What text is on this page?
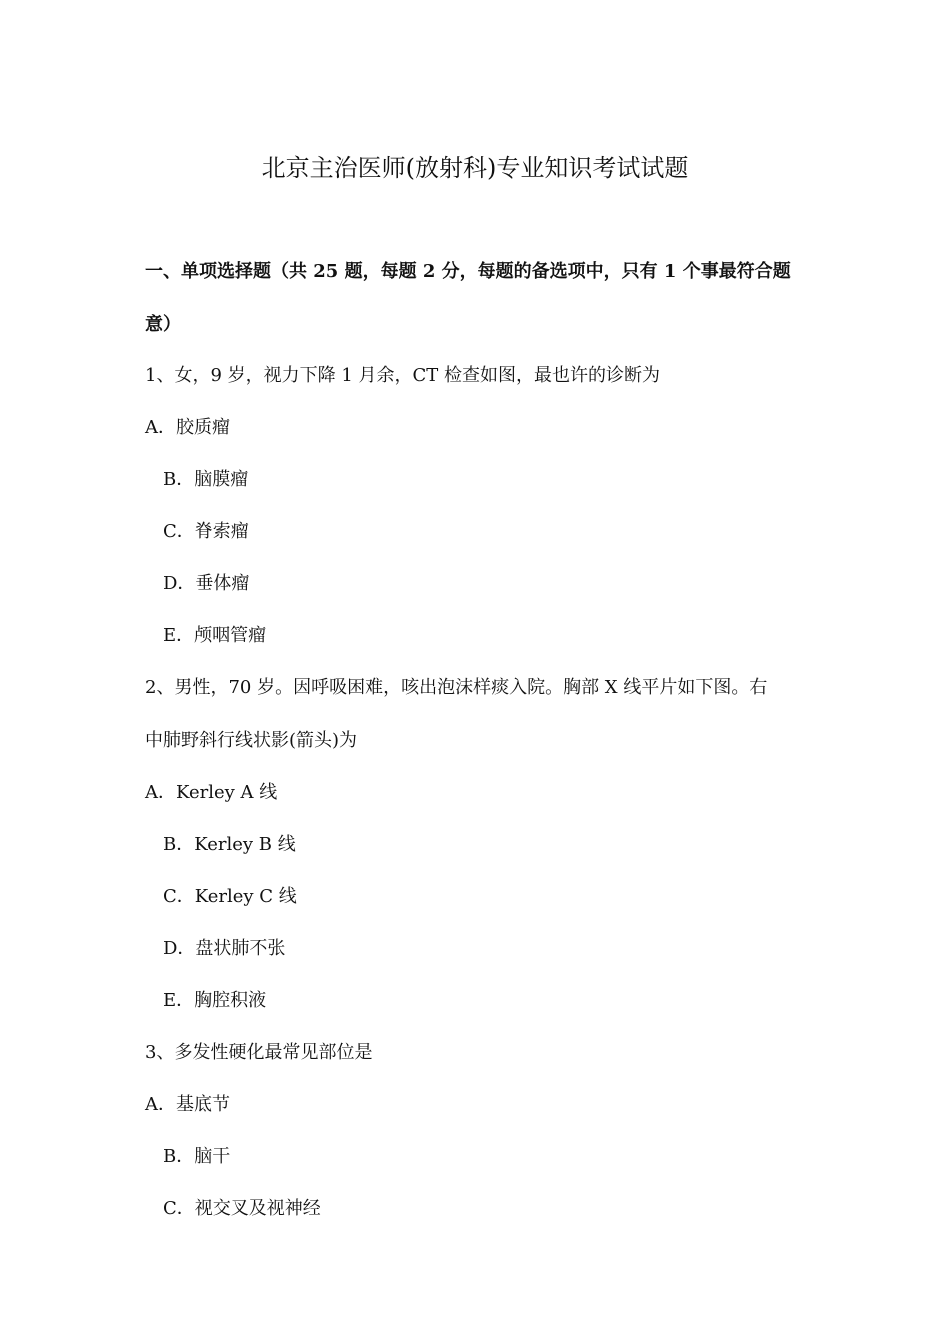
北京主治医师(放射科)专业知识考试试题
一、单项选择题（共 25 题，每题 2 分，每题的备选项中，只有 1 个事最符合题
意）
1、女，9 岁，视力下降 1 月余，CT 检查如图，最也许的诊断为
A．胶质瘤
B．脑膜瘤
C．脊索瘤
D．垂体瘤
E．颅咽管瘤
2、男性，70 岁。因呼吸困难，咳出泡沫样痰入院。胸部 X 线平片如下图。右
中肺野斜行线状影(箭头)为
A．Kerley A 线
B．Kerley B 线
C．Kerley C 线
D．盘状肺不张
E．胸腔积液
3、多发性硬化最常见部位是
A．基底节
B．脑干
C．视交叉及视神经
